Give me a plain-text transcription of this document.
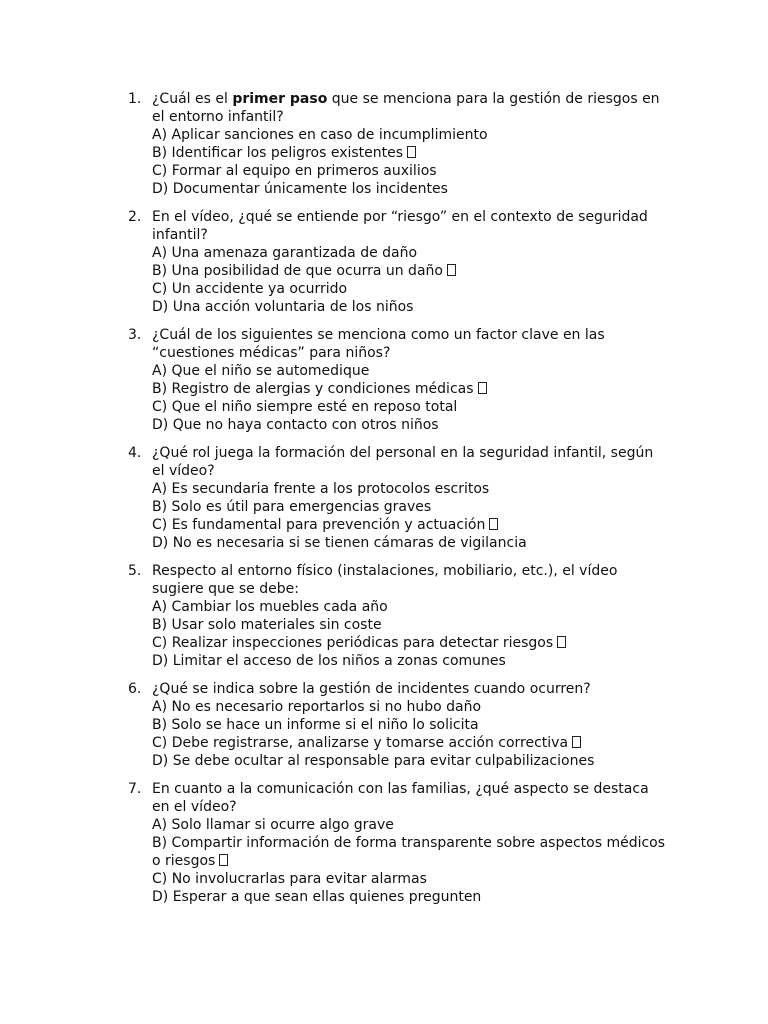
1. ¿Cuál es el primer paso que se menciona para la gestión de riesgos en el entorno infantil?
A) Aplicar sanciones en caso de incumplimiento
B) Identificar los peligros existentes
C) Formar al equipo en primeros auxilios
D) Documentar únicamente los incidentes
2. En el vídeo, ¿qué se entiende por “riesgo” en el contexto de seguridad infantil?
A) Una amenaza garantizada de daño
B) Una posibilidad de que ocurra un daño
C) Un accidente ya ocurrido
D) Una acción voluntaria de los niños
3. ¿Cuál de los siguientes se menciona como un factor clave en las “cuestiones médicas” para niños?
A) Que el niño se automedique
B) Registro de alergias y condiciones médicas
C) Que el niño siempre esté en reposo total
D) Que no haya contacto con otros niños
4. ¿Qué rol juega la formación del personal en la seguridad infantil, según el vídeo?
A) Es secundaria frente a los protocolos escritos
B) Solo es útil para emergencias graves
C) Es fundamental para prevención y actuación
D) No es necesaria si se tienen cámaras de vigilancia
5. Respecto al entorno físico (instalaciones, mobiliario, etc.), el vídeo sugiere que se debe:
A) Cambiar los muebles cada año
B) Usar solo materiales sin coste
C) Realizar inspecciones periódicas para detectar riesgos
D) Limitar el acceso de los niños a zonas comunes
6. ¿Qué se indica sobre la gestión de incidentes cuando ocurren?
A) No es necesario reportarlos si no hubo daño
B) Solo se hace un informe si el niño lo solicita
C) Debe registrarse, analizarse y tomarse acción correctiva
D) Se debe ocultar al responsable para evitar culpabilizaciones
7. En cuanto a la comunicación con las familias, ¿qué aspecto se destaca en el vídeo?
A) Solo llamar si ocurre algo grave
B) Compartir información de forma transparente sobre aspectos médicos o riesgos
C) No involucrarlas para evitar alarmas
D) Esperar a que sean ellas quienes pregunten
